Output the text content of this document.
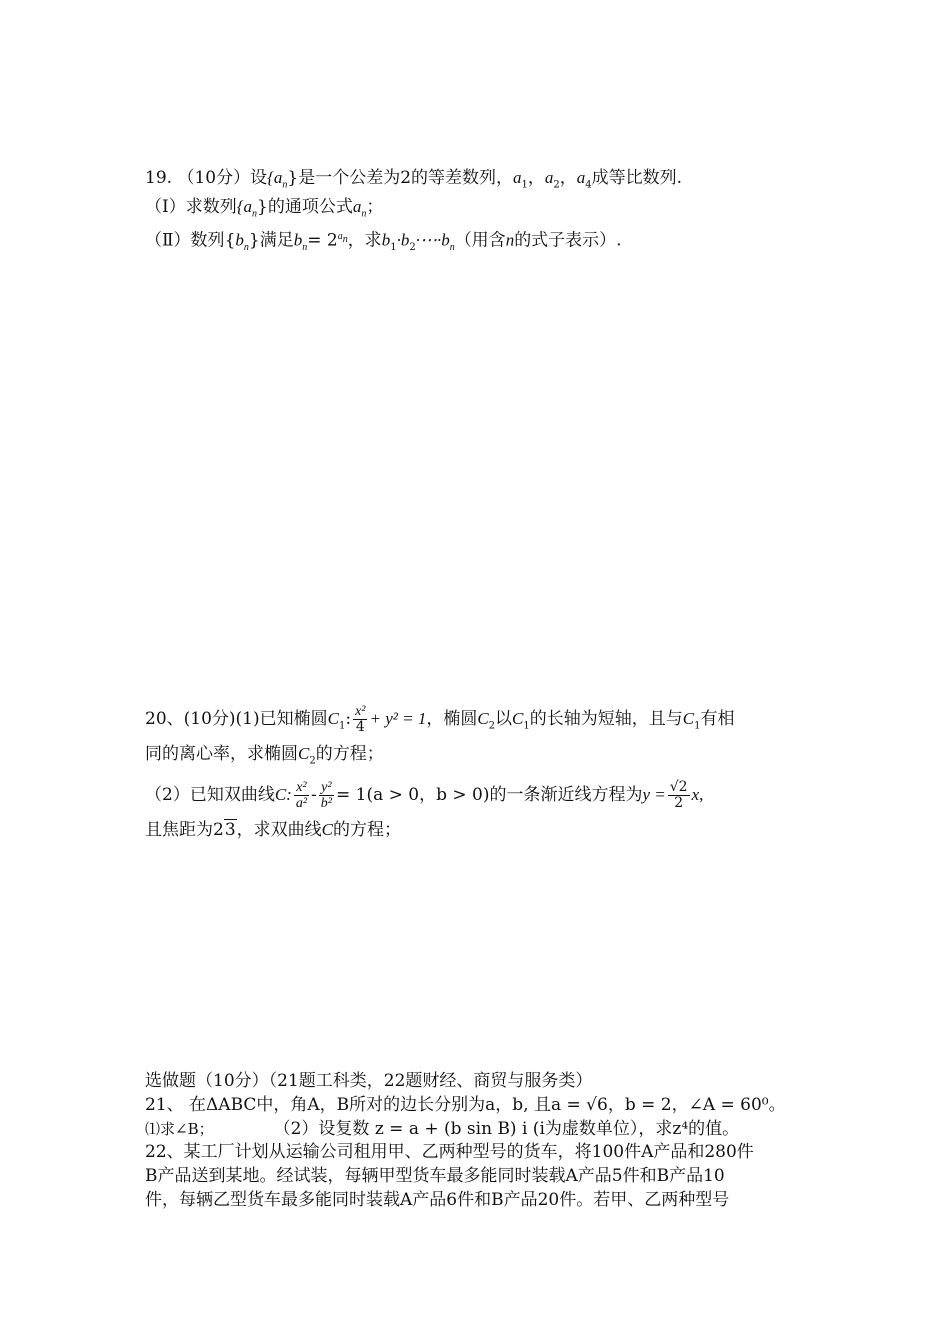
19. （10分）设$\{a_n\}$是一个公差为2的等差数列，$a_1$，$a_2$，$a_4$成等比数列.
（Ⅰ）求数列$\{a_n\}$的通项公式$a_n$；
（Ⅱ）数列$\{b_n\}$满足$b_n= 2^{a_n}$，求$b_1\cdot b_2\cdot\cdots\cdot b_n$（用含n的式子表示）.
20、(10分)(1)已知椭圆$C_1$: $\frac{\text{x²}}{4} + y^2 = 1$，椭圆$C_2$以$C_1$的长轴为短轴，且与$C_1$有相
同的离心率，求椭圆$C_2$的方程；
（2）已知双曲线C: $\frac{\text{x²}}{\text{a²}} - \frac{\text{y²}}{\text{b²}} = 1(a > 0$，b > 0)的一条渐近线方程为$y = \frac{√2}{2} x$,
且焦距为23，求双曲线C的方程；
选做题（10分）（21题工科类，22题财经、商贸与服务类）
21、 在ΔABC中，角A，B所对的边长分别为a，b, 且a = √6，b = 2，∠A = 60⁰。
⑴求∠B；	（2）设复数 z = a + (b sin B) i (i为虚数单位），求z⁴的值。
22、某工厂计划从运输公司租用甲、乙两种型号的货车，将100件A产品和280件
B产品送到某地。经试装，每辆甲型货车最多能同时装载A产品5件和B产品10
件，每辆乙型货车最多能同时装载A产品6件和B产品20件。若甲、乙两种型号
